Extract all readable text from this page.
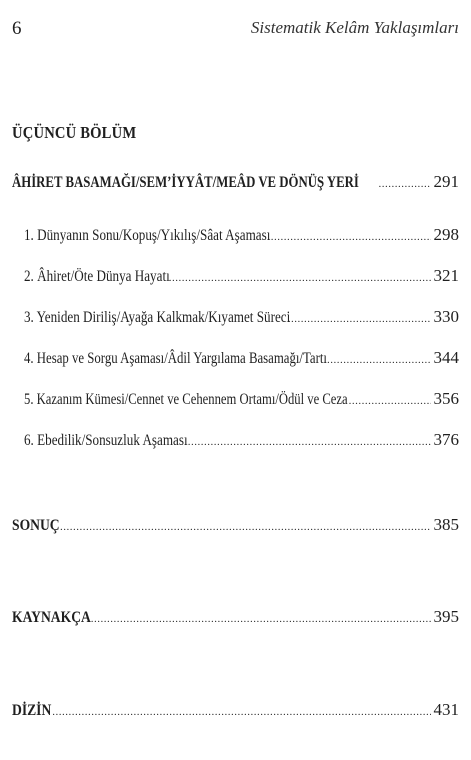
6	Sistematik Kelâm Yaklaşımları
ÜÇÜNCÜ BÖLÜM
ÂHİRET BASAMAĞI/SEM’İYYÂT/MEÂD VE DÖNÜŞ YERİ .....	291
1. Dünyanın Sonu/Kopuş/Yıkılış/Sâat Aşaması .....	298
2. Âhiret/Öte Dünya Hayatı .....	321
3. Yeniden Diriliş/Ayağa Kalkmak/Kıyamet Süreci .....	330
4. Hesap ve Sorgu Aşaması/Âdil Yargılama Basamağı/Tartı .....	344
5. Kazanım Kümesi/Cennet ve Cehennem Ortamı/Ödül ve Ceza .....	356
6. Ebedilik/Sonsuzluk Aşaması .....	376
SONUÇ .....	385
KAYNAKÇA .....	395
DİZİN .....	431
